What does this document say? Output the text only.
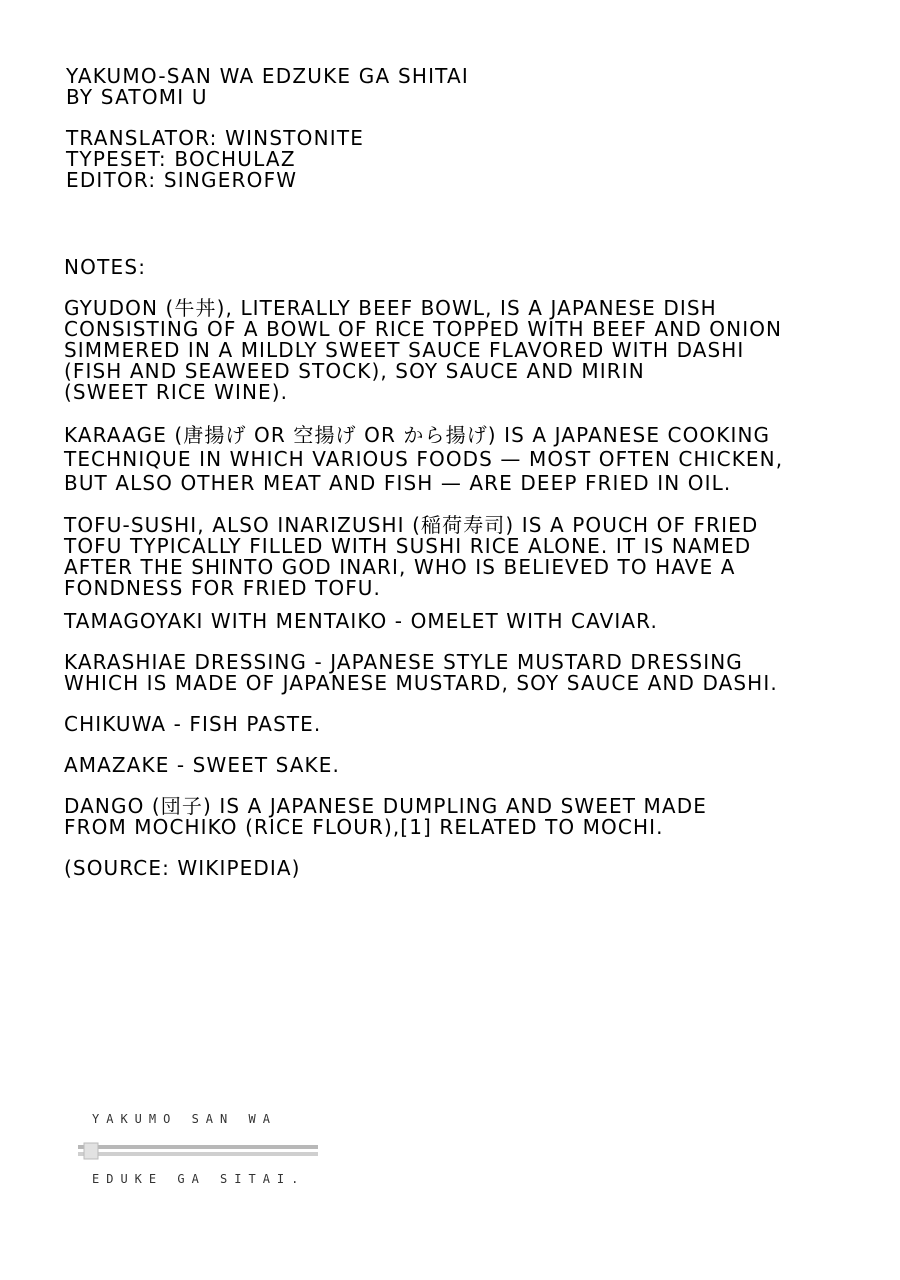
YAKUMO-SAN WA EDZUKE GA SHITAI
BY SATOMI U
TRANSLATOR: WINSTONITE
TYPESET: BOCHULAZ
EDITOR: SINGEROFW
NOTES:

GYUDON (牛丼), LITERALLY BEEF BOWL, IS A JAPANESE DISH

CONSISTING OF A BOWL OF RICE TOPPED WITH BEEF AND ONION

SIMMERED IN A MILDLY SWEET SAUCE FLAVORED WITH DASHI

(FISH AND SEAWEED STOCK), SOY SAUCE AND MIRIN

(SWEET RICE WINE).

KARAAGE (唐揚げ OR 空揚げ OR から揚げ) IS A JAPANESE COOKING

TECHNIQUE IN WHICH VARIOUS FOODS — MOST OFTEN CHICKEN,

BUT ALSO OTHER MEAT AND FISH — ARE DEEP FRIED IN OIL.

TOFU-SUSHI, ALSO INARIZUSHI (稲荷寿司) IS A POUCH OF FRIED

TOFU TYPICALLY FILLED WITH SUSHI RICE ALONE. IT IS NAMED

AFTER THE SHINTO GOD INARI, WHO IS BELIEVED TO HAVE A

FONDNESS FOR FRIED TOFU.

TAMAGOYAKI WITH MENTAIKO - OMELET WITH CAVIAR.

KARASHIAE DRESSING - JAPANESE STYLE MUSTARD DRESSING

WHICH IS MADE OF JAPANESE MUSTARD, SOY SAUCE AND DASHI.

CHIKUWA - FISH PASTE.

AMAZAKE - SWEET SAKE.

DANGO (団子) IS A JAPANESE DUMPLING AND SWEET MADE

FROM MOCHIKO (RICE FLOUR),[1] RELATED TO MOCHI.

(SOURCE: WIKIPEDIA)

YAKUMO SAN WA
EDUKE GA SITAI.
